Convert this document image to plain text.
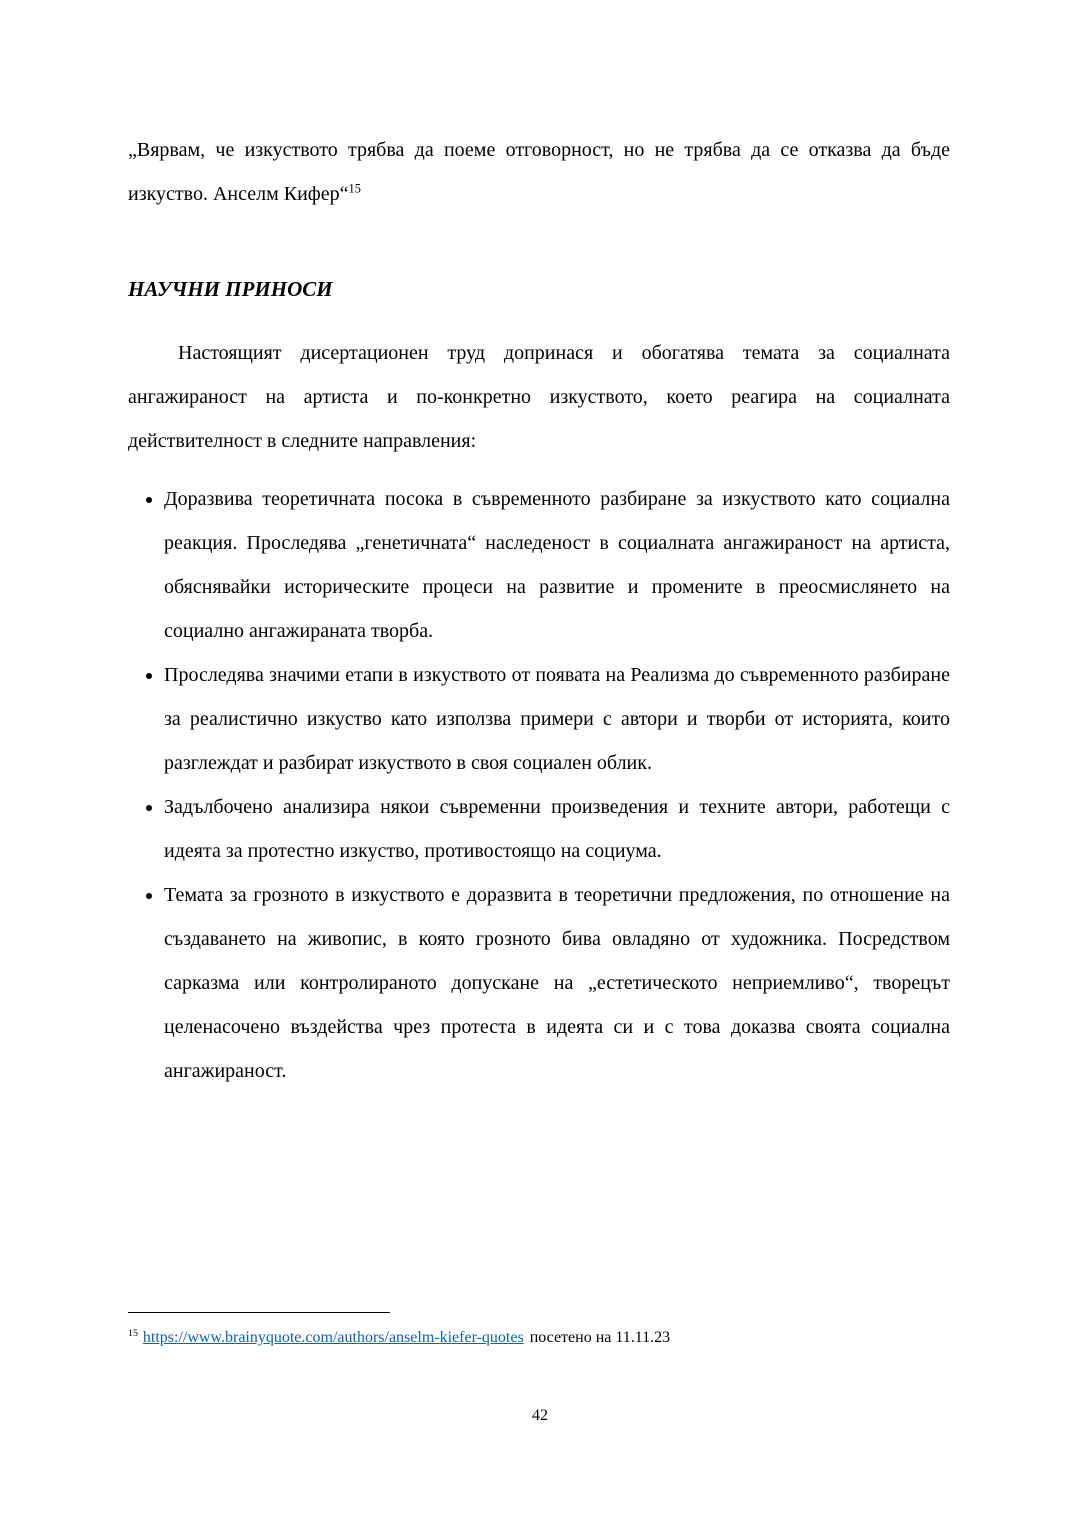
„Вярвам, че изкуството трябва да поеме отговорност, но не трябва да се отказва да бъде изкуство. Анселм Кифер“$^{15}$

НАУЧНИ ПРИНОСИ

Настоящият дисертационен труд допринася и обогатява темата за социалната ангажираност на артиста и по-конкретно изкуството, което реагира на социалната действителност в следните направления:

• Доразвива теоретичната посока в съвременното разбиране за изкуството като социална реакция. Проследява „генетичната“ наследеност в социалната ангажираност на артиста, обяснявайки историческите процеси на развитие и промените в преосмислянето на социално ангажираната творба.
• Проследява значими етапи в изкуството от появата на Реализма до съвременното разбиране за реалистично изкуство като използва примери с автори и творби от историята, които разглеждат и разбират изкуството в своя социален облик.
• Задълбочено анализира някои съвременни произведения и техните автори, работещи с идеята за протестно изкуство, противостоящо на социума.
• Темата за грозното в изкуството е доразвита в теоретични предложения, по отношение на създаването на живопис, в която грозното бива овладяно от художника. Посредством сарказма или контролираното допускане на „естетическото неприемливо“, творецът целенасочено въздейства чрез протеста в идеята си и с това доказва своята социална ангажираност.

$^{15}$ https://www.brainyquote.com/authors/anselm-kiefer-quotes посетено на 11.11.23

42
